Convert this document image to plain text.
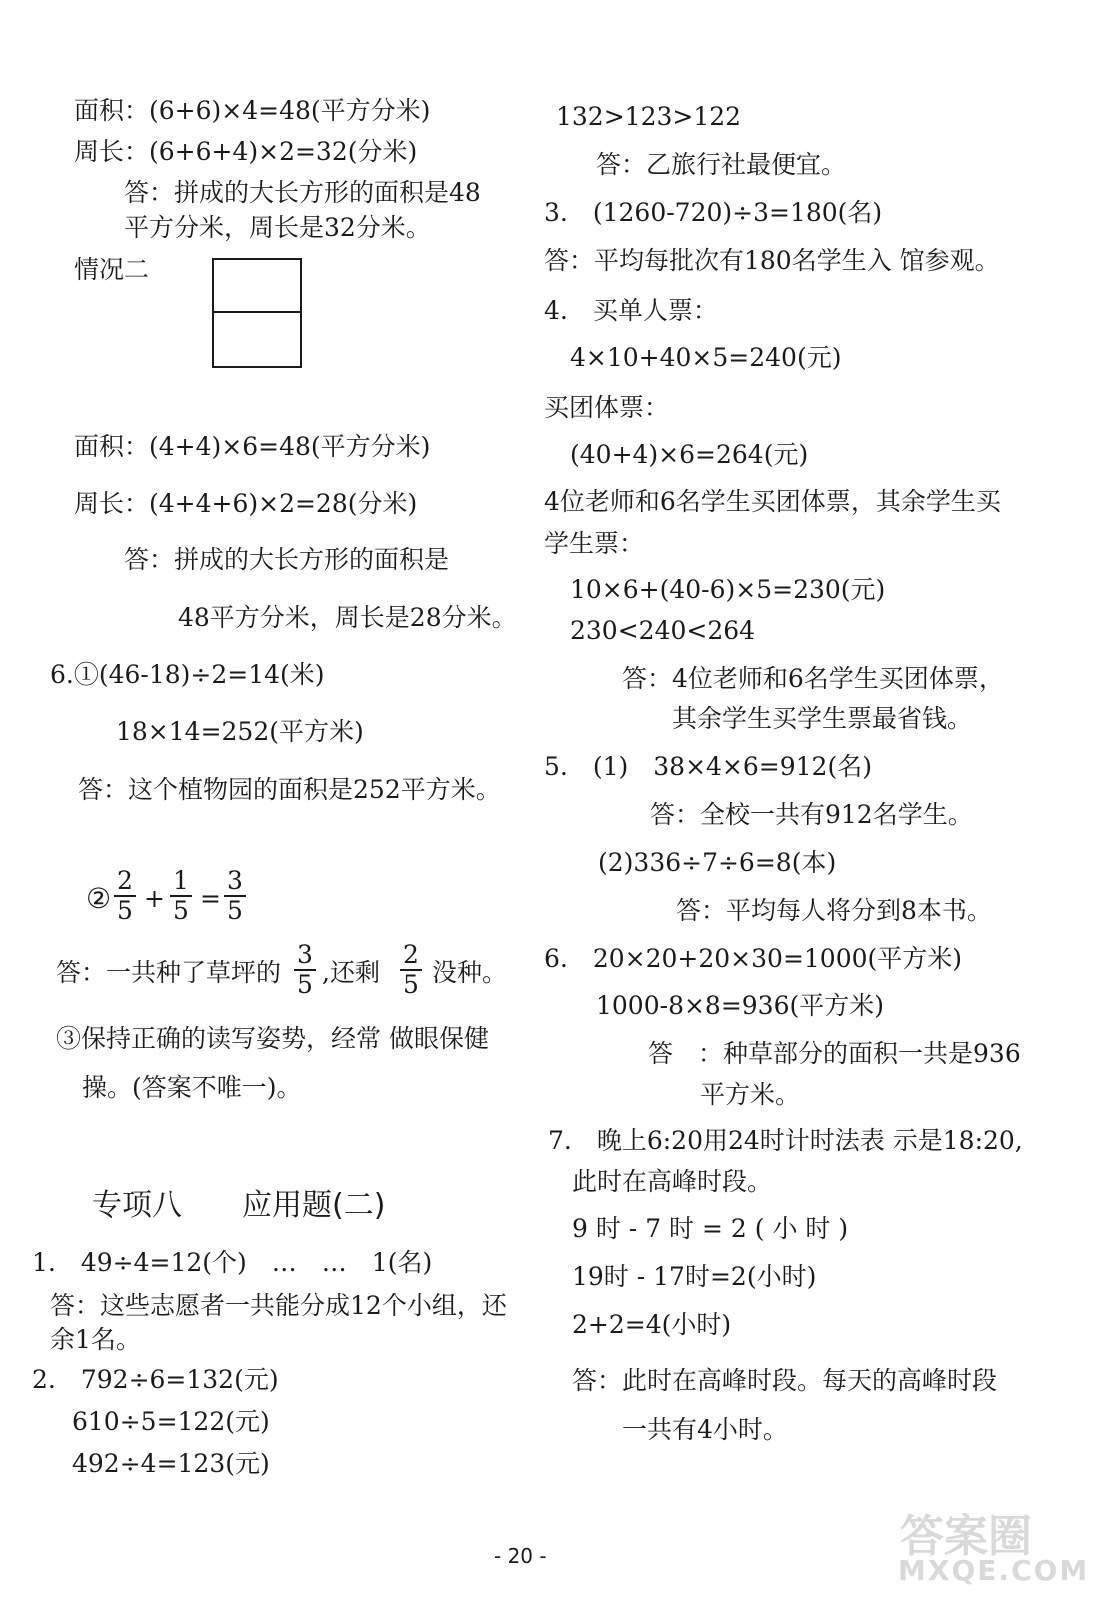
面积：(6+6)×4=48(平方分米)
周长：(6+6+4)×2=32(分米)
答：拼成的大长方形的面积是48
平方分米，周长是32分米。
情况二
面积：(4+4)×6=48(平方分米)
周长：(4+4+6)×2=28(分米)
答：拼成的大长方形的面积是
48平方分米，周长是28分米。
6.①(46-18)÷2=14(米)
18×14=252(平方米)
答：这个植物园的面积是252平方米。
②
2
5 +
1
5 =
3
5
答：一共种了草坪的
3
5 ,还剩
2
5 没种。
③保持正确的读写姿势，经常 做眼保健
操。(答案不唯一)。
专项八　　应用题(二)
1.　49÷4=12(个)　…　…　1(名)
答：这些志愿者一共能分成12个小组，还
余1名。
2.　792÷6=132(元)
610÷5=122(元)
492÷4=123(元)
132>123>122
答：乙旅行社最便宜。
3.　(1260-720)÷3=180(名)
答：平均每批次有180名学生入 馆参观。
4.　买单人票：
4×10+40×5=240(元)
买团体票：
(40+4)×6=264(元)
4位老师和6名学生买团体票，其余学生买
学生票：
10×6+(40-6)×5=230(元)
230<240<264
答：4位老师和6名学生买团体票，
其余学生买学生票最省钱。
5.　(1)　38×4×6=912(名)
答：全校一共有912名学生。
(2)336÷7÷6=8(本)
答：平均每人将分到8本书。
6.　20×20+20×30=1000(平方米)
1000-8×8=936(平方米)
答　：种草部分的面积一共是936
平方米。
7.　晚上6:20用24时计时法表 示是18:20,
此时在高峰时段。
9 时 - 7 时 = 2 ( 小 时 )
19时 - 17时=2(小时)
2+2=4(小时)
答：此时在高峰时段。每天的高峰时段
一共有4小时。
- 20 -	答案圈
MXQE.COM
